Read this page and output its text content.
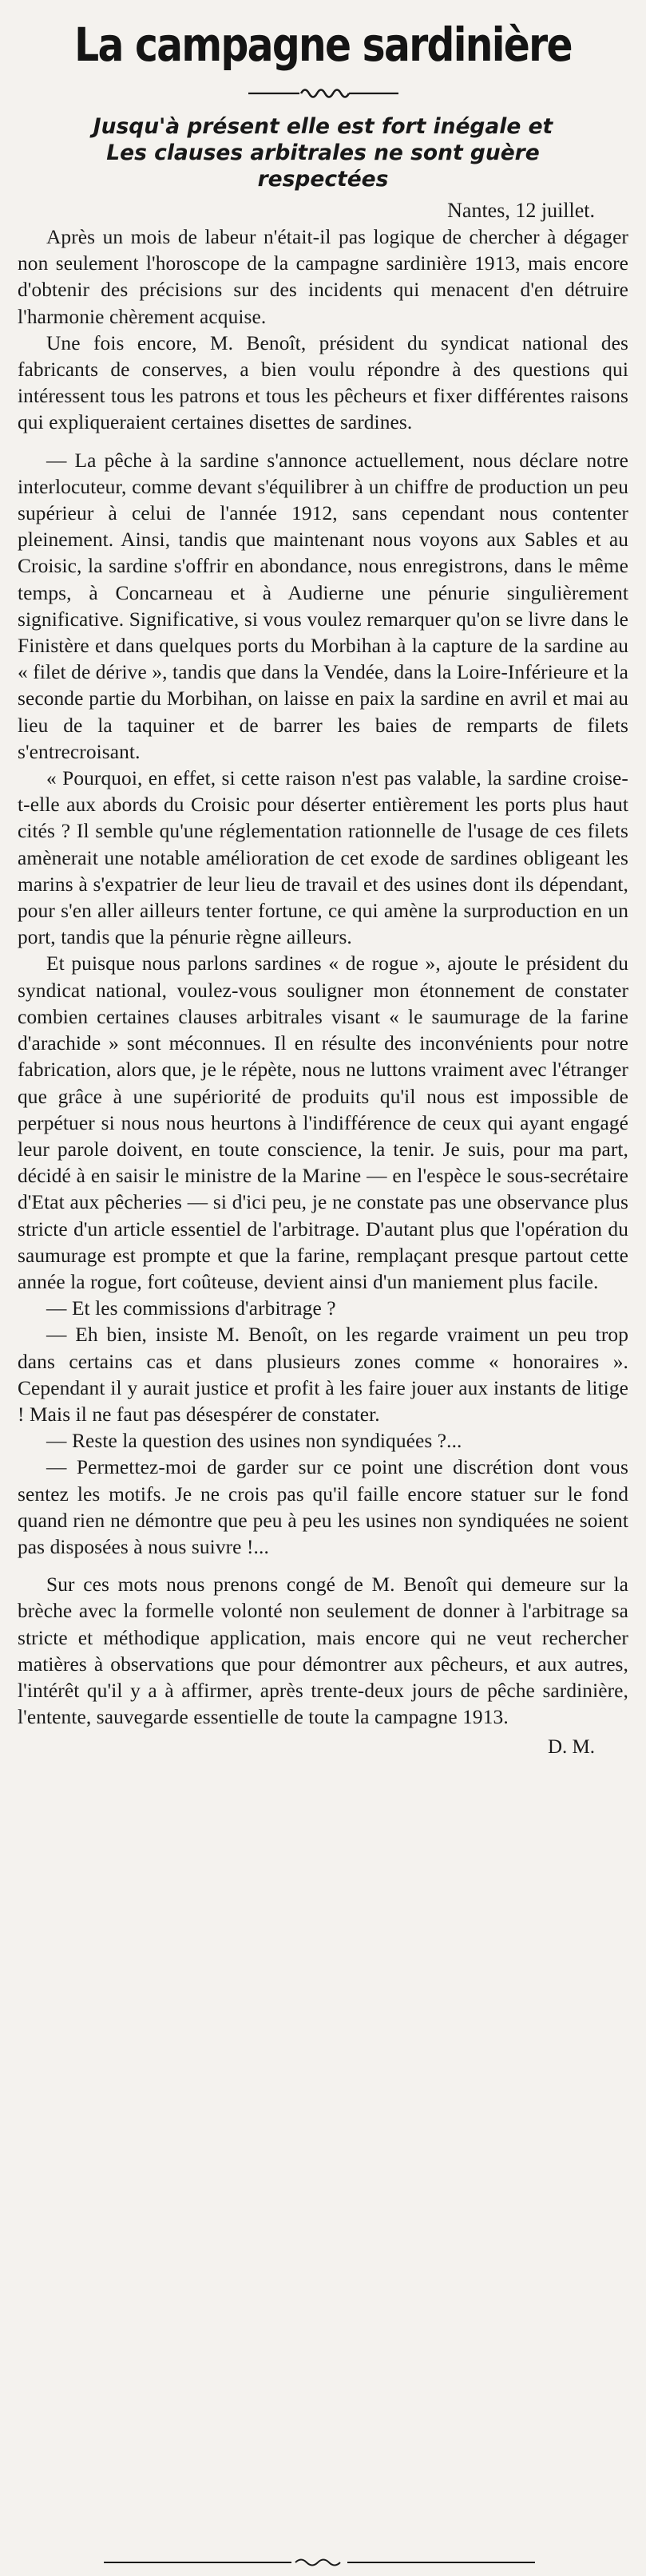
La campagne sardinière
Jusqu'à présent elle est fort inégale et
Les clauses arbitrales ne sont guère
respectées
Nantes, 12 juillet.

Après un mois de labeur n'était-il pas logique de chercher à dégager non seulement l'horoscope de la campagne sardinière 1913, mais encore d'obtenir des précisions sur des incidents qui menacent d'en détruire l'harmonie chèrement acquise.

Une fois encore, M. Benoît, président du syndicat national des fabricants de conserves, a bien voulu répondre à des questions qui intéressent tous les patrons et tous les pêcheurs et fixer différentes raisons qui expliqueraient certaines disettes de sardines.

— La pêche à la sardine s'annonce actuellement, nous déclare notre interlocuteur, comme devant s'équilibrer à un chiffre de production un peu supérieur à celui de l'année 1912, sans cependant nous contenter pleinement. Ainsi, tandis que maintenant nous voyons aux Sables et au Croisic, la sardine s'offrir en abondance, nous enregistrons, dans le même temps, à Concarneau et à Audierne une pénurie singulièrement significative. Significative, si vous voulez remarquer qu'on se livre dans le Finistère et dans quelques ports du Morbihan à la capture de la sardine au « filet de dérive », tandis que dans la Vendée, dans la Loire-Inférieure et la seconde partie du Morbihan, on laisse en paix la sardine en avril et mai au lieu de la taquiner et de barrer les baies de remparts de filets s'entrecroisant.

« Pourquoi, en effet, si cette raison n'est pas valable, la sardine croise-t-elle aux abords du Croisic pour déserter entièrement les ports plus haut cités ? Il semble qu'une réglementation rationnelle de l'usage de ces filets amènerait une notable amélioration de cet exode de sardines obligeant les marins à s'expatrier de leur lieu de travail et des usines dont ils dépendant, pour s'en aller ailleurs tenter fortune, ce qui amène la surproduction en un port, tandis que la pénurie règne ailleurs.

Et puisque nous parlons sardines « de rogue », ajoute le président du syndicat national, voulez-vous souligner mon étonnement de constater combien certaines clauses arbitrales visant « le saumurage de la farine d'arachide » sont méconnues. Il en résulte des inconvénients pour notre fabrication, alors que, je le répète, nous ne luttons vraiment avec l'étranger que grâce à une supériorité de produits qu'il nous est impossible de perpétuer si nous nous heurtons à l'indifférence de ceux qui ayant engagé leur parole doivent, en toute conscience, la tenir. Je suis, pour ma part, décidé à en saisir le ministre de la Marine — en l'espèce le sous-secrétaire d'Etat aux pêcheries — si d'ici peu, je ne constate pas une observance plus stricte d'un article essentiel de l'arbitrage. D'autant plus que l'opération du saumurage est prompte et que la farine, remplaçant presque partout cette année la rogue, fort coûteuse, devient ainsi d'un maniement plus facile.

— Et les commissions d'arbitrage ?

— Eh bien, insiste M. Benoît, on les regarde vraiment un peu trop dans certains cas et dans plusieurs zones comme « honoraires ». Cependant il y aurait justice et profit à les faire jouer aux instants de litige ! Mais il ne faut pas désespérer de constater.

— Reste la question des usines non syndiquées ?...

— Permettez-moi de garder sur ce point une discrétion dont vous sentez les motifs. Je ne crois pas qu'il faille encore statuer sur le fond quand rien ne démontre que peu à peu les usines non syndiquées ne soient pas disposées à nous suivre !...

Sur ces mots nous prenons congé de M. Benoît qui demeure sur la brèche avec la formelle volonté non seulement de donner à l'arbitrage sa stricte et méthodique application, mais encore qui ne veut rechercher matières à observations que pour démontrer aux pêcheurs, et aux autres, l'intérêt qu'il y a à affirmer, après trente-deux jours de pêche sardinière, l'entente, sauvegarde essentielle de toute la campagne 1913.

D. M.
